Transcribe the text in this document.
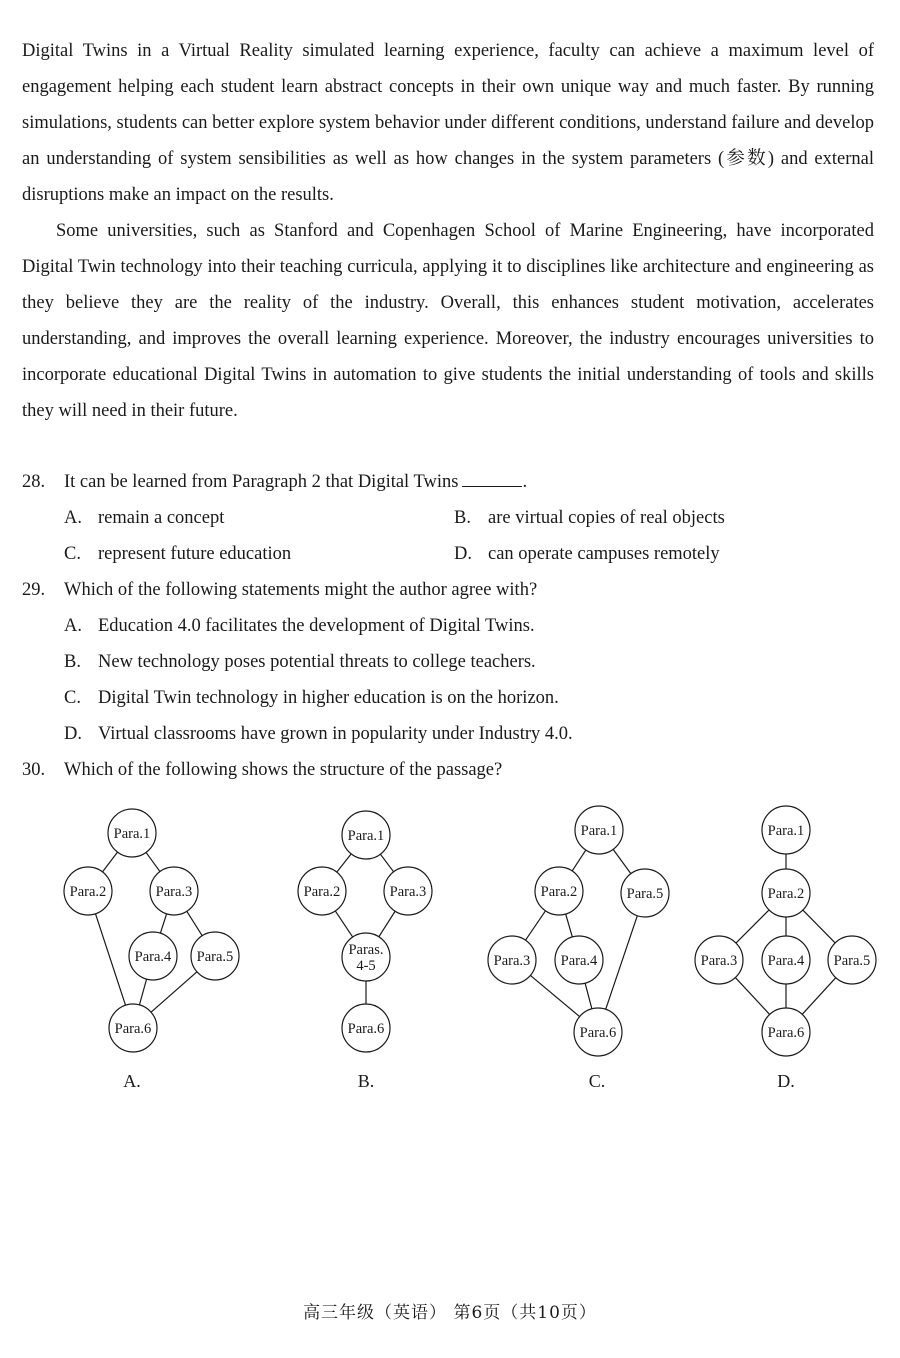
Digital Twins in a Virtual Reality simulated learning experience, faculty can achieve a maximum level of engagement helping each student learn abstract concepts in their own unique way and much faster. By running simulations, students can better explore system behavior under different conditions, understand failure and develop an understanding of system sensibilities as well as how changes in the system parameters (参数) and external disruptions make an impact on the results.

Some universities, such as Stanford and Copenhagen School of Marine Engineering, have incorporated Digital Twin technology into their teaching curricula, applying it to disciplines like architecture and engineering as they believe they are the reality of the industry. Overall, this enhances student motivation, accelerates understanding, and improves the overall learning experience. Moreover, the industry encourages universities to incorporate educational Digital Twins in automation to give students the initial understanding of tools and skills they will need in their future.

28. It can be learned from Paragraph 2 that Digital Twins	.
A. remain a concept	B. are virtual copies of real objects
C. represent future education	D. can operate campuses remotely
29. Which of the following statements might the author agree with?
A. Education 4.0 facilitates the development of Digital Twins.
B. New technology poses potential threats to college teachers.
C. Digital Twin technology in higher education is on the horizon.
D. Virtual classrooms have grown in popularity under Industry 4.0.
30. Which of the following shows the structure of the passage?
Para.1
Para.2	Para.3
Para.4 Para.5
Para.6
A.
Para.1
Para.2	Para.3
Paras.
4-5
Para.6
B.
Para.1
Para.2	Para.5
Para.3 Para.4
Para.6
C.
Para.1
Para.2
Para.3 Para.4 Para.5
Para.6
D.
高三年级（英语） 第6页（共10页）
